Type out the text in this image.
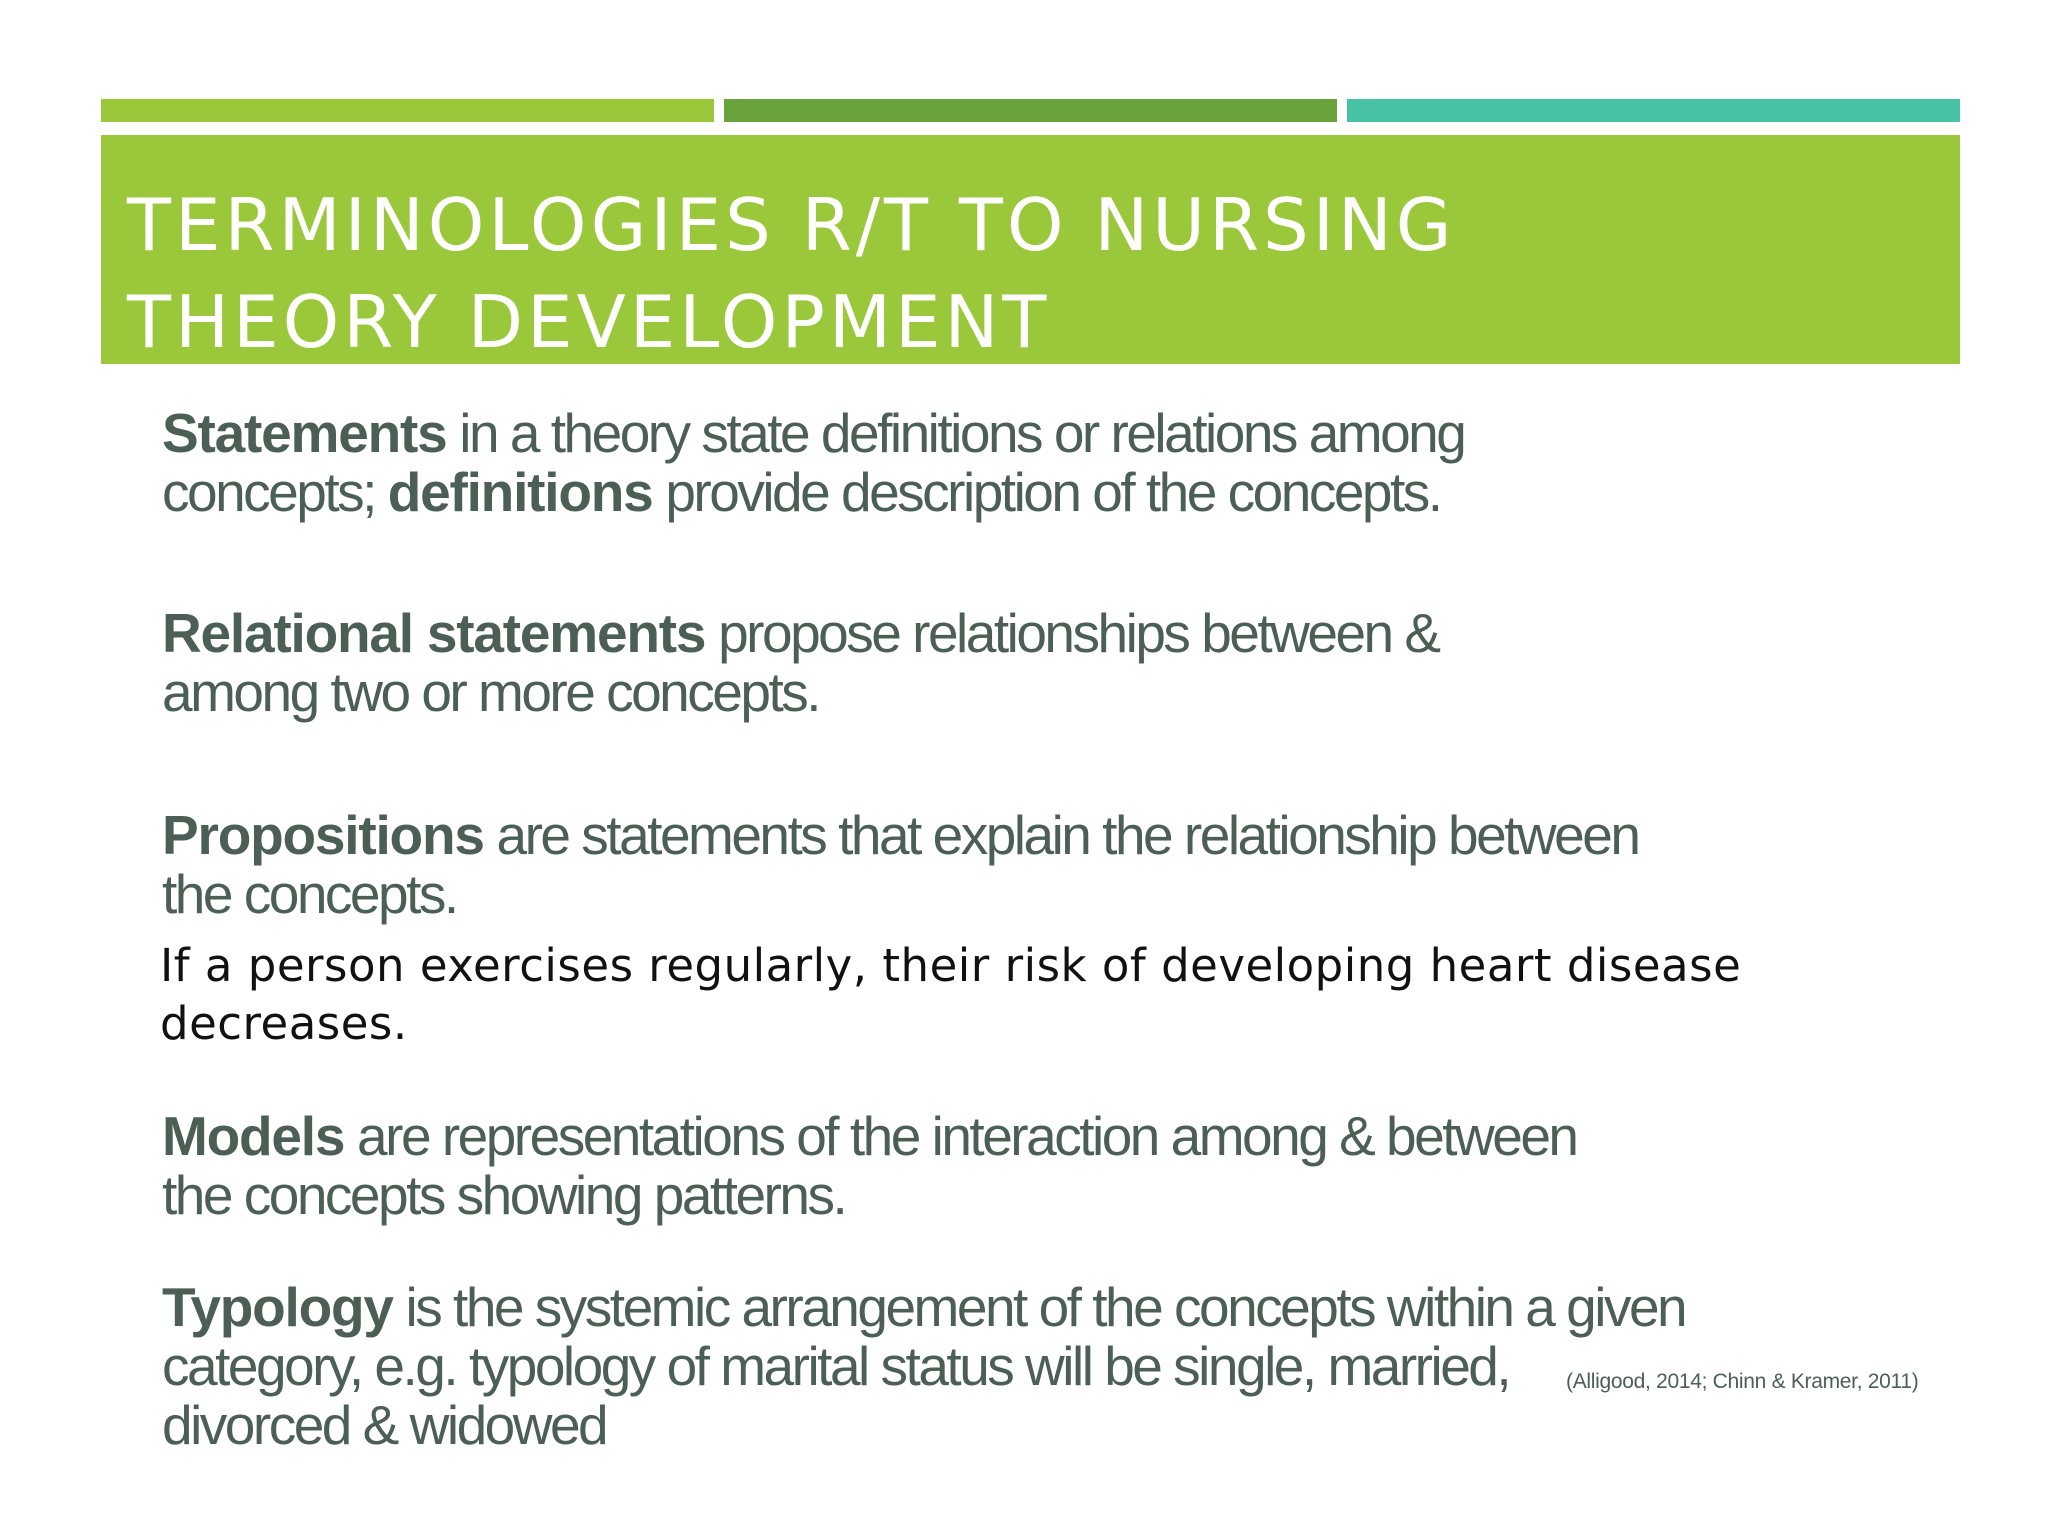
TERMINOLOGIES R/T TO NURSING
THEORY DEVELOPMENT

Statements in a theory state definitions or relations among
concepts; definitions provide description of the concepts.

Relational statements propose relationships between &
among two or more concepts.

Propositions are statements that explain the relationship between
the concepts.

If a person exercises regularly, their risk of developing heart disease
decreases.

Models are representations of the interaction among & between
the concepts showing patterns.

Typology is the systemic arrangement of the concepts within a given
category, e.g. typology of marital status will be single, married,
divorced & widowed

(Alligood, 2014; Chinn & Kramer, 2011)
